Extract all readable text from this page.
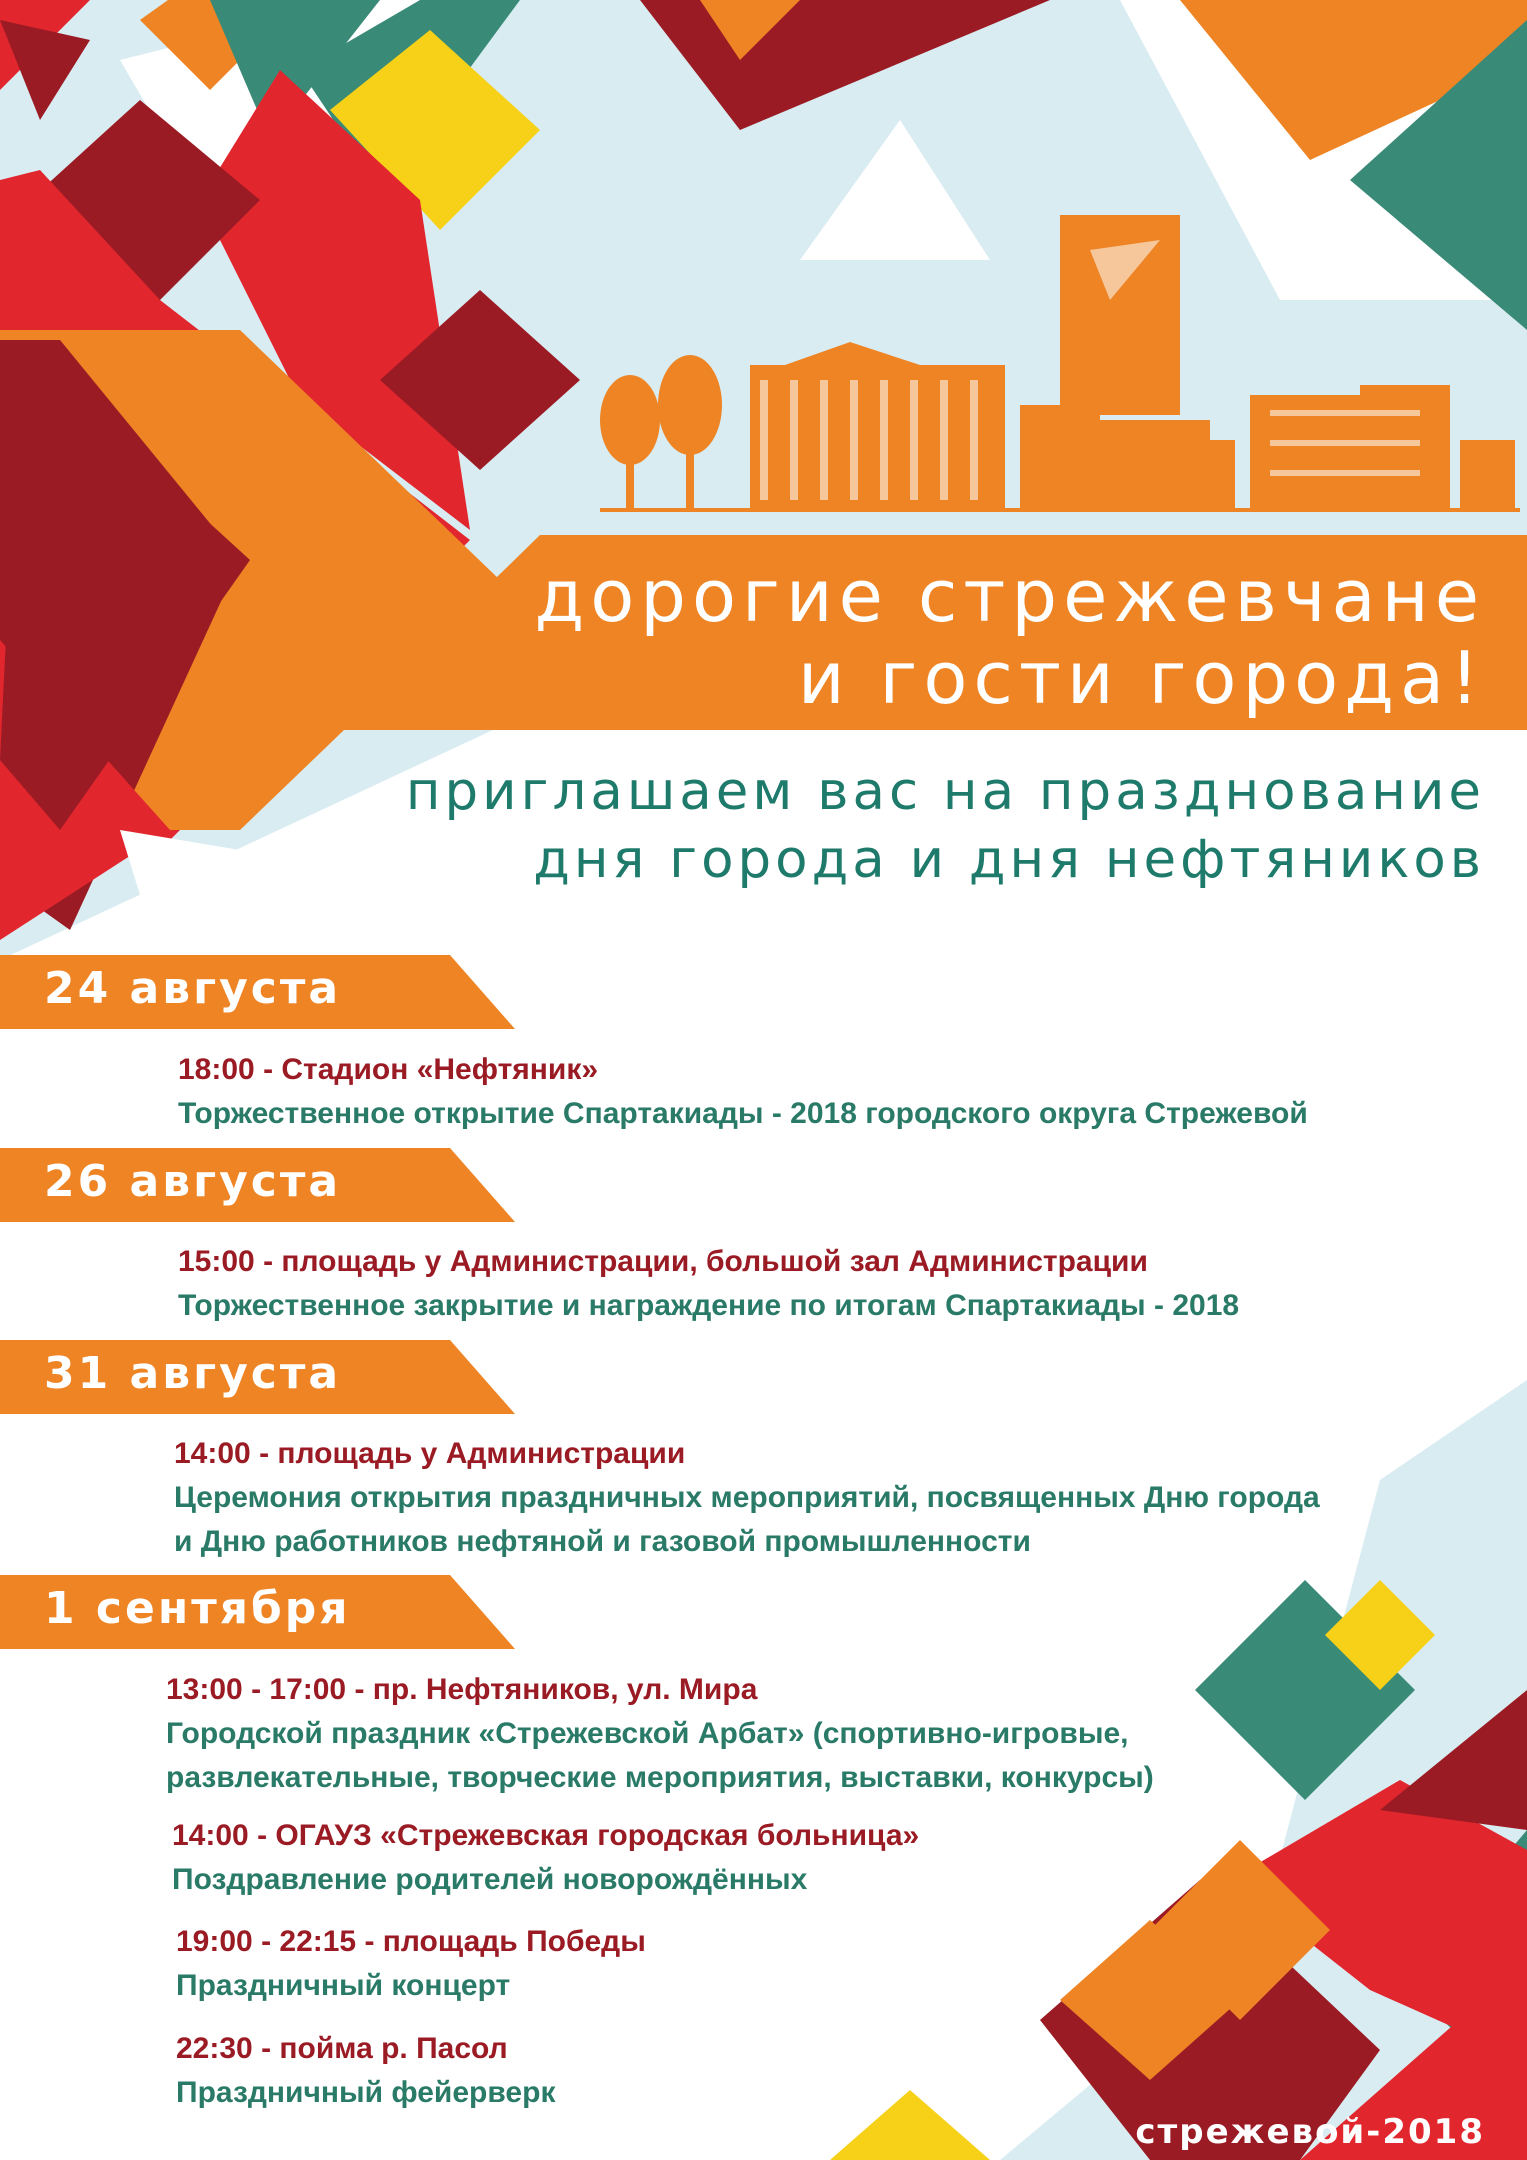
дорогие стрежевчане
и гости города!
приглашаем вас на празднование
дня города и дня нефтяников
24 августа
18:00 - Стадион «Нефтяник»
Торжественное открытие Спартакиады - 2018 городского округа Стрежевой
26 августа
15:00 - площадь у Администрации, большой зал Администрации
Торжественное закрытие и награждение по итогам Спартакиады - 2018
31 августа
14:00 - площадь у Администрации
Церемония открытия праздничных мероприятий, посвященных Дню города
и Дню работников нефтяной и газовой промышленности
1 сентября
13:00 - 17:00 - пр. Нефтяников, ул. Мира
Городской праздник «Стрежевской Арбат» (спортивно-игровые,
развлекательные, творческие мероприятия, выставки, конкурсы)
14:00 - ОГАУЗ «Стрежевская городская больница»
Поздравление родителей новорождённых
19:00 - 22:15 - площадь Победы
Праздничный концерт
22:30 - пойма р. Пасол
Праздничный фейерверк
стрежевой-2018
